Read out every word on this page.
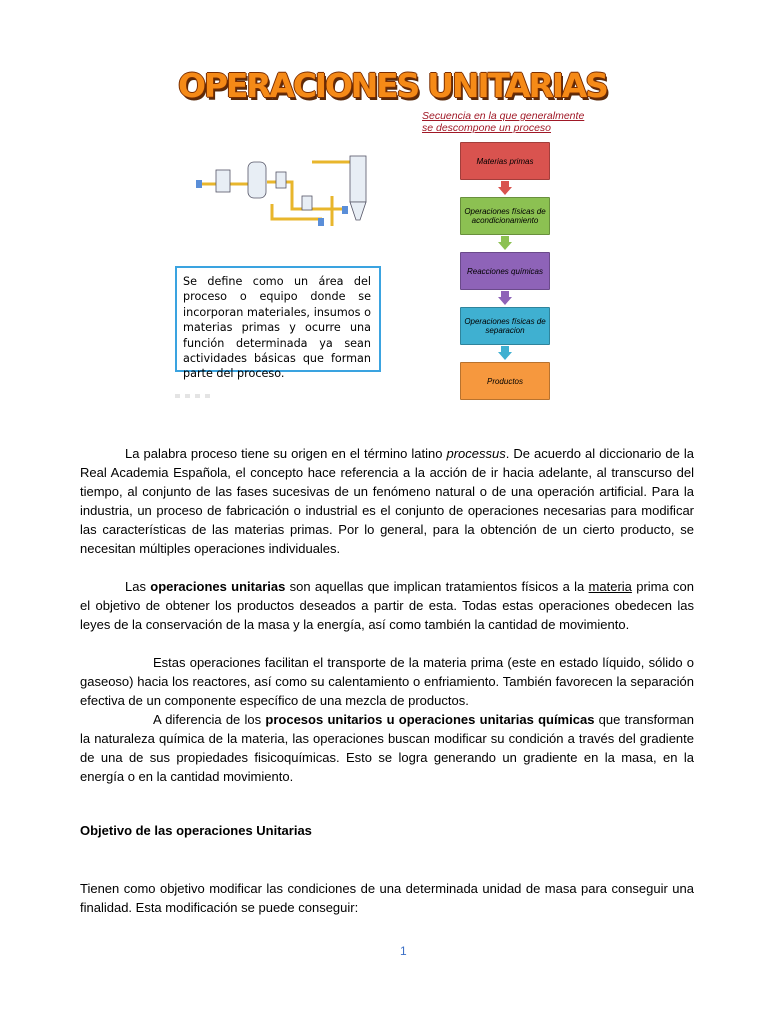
OPERACIONES UNITARIAS
Secuencia en la que generalmente
se descompone un proceso
Se define como un área del proceso o equipo donde se incorporan materiales, insumos o materias primas y ocurre una función determinada ya sean actividades básicas que forman parte del proceso.
Materias primas
Operaciones físicas de acondicionamiento
Reacciones químicas
Operaciones físicas de separacion
Productos

La palabra proceso tiene su origen en el término latino processus. De acuerdo al diccionario de la Real Academia Española, el concepto hace referencia a la acción de ir hacia adelante, al transcurso del tiempo, al conjunto de las fases sucesivas de un fenómeno natural o de una operación artificial. Para la industria, un proceso de fabricación o industrial es el conjunto de operaciones necesarias para modificar las características de las materias primas. Por lo general, para la obtención de un cierto producto, se necesitan múltiples operaciones individuales.

Las operaciones unitarias son aquellas que implican tratamientos físicos a la materia prima con el objetivo de obtener los productos deseados a partir de esta. Todas estas operaciones obedecen las leyes de la conservación de la masa y la energía, así como también la cantidad de movimiento.

Estas operaciones facilitan el transporte de la materia prima (este en estado líquido, sólido o gaseoso) hacia los reactores, así como su calentamiento o enfriamiento. También favorecen la separación efectiva de un componente específico de una mezcla de productos.

A diferencia de los procesos unitarios u operaciones unitarias químicas que transforman la naturaleza química de la materia, las operaciones buscan modificar su condición a través del gradiente de una de sus propiedades fisicoquímicas. Esto se logra generando un gradiente en la masa, en la energía o en la cantidad movimiento.

Objetivo de las operaciones Unitarias

Tienen como objetivo modificar las condiciones de una determinada unidad de masa para conseguir una finalidad. Esta modificación se puede conseguir:

1
